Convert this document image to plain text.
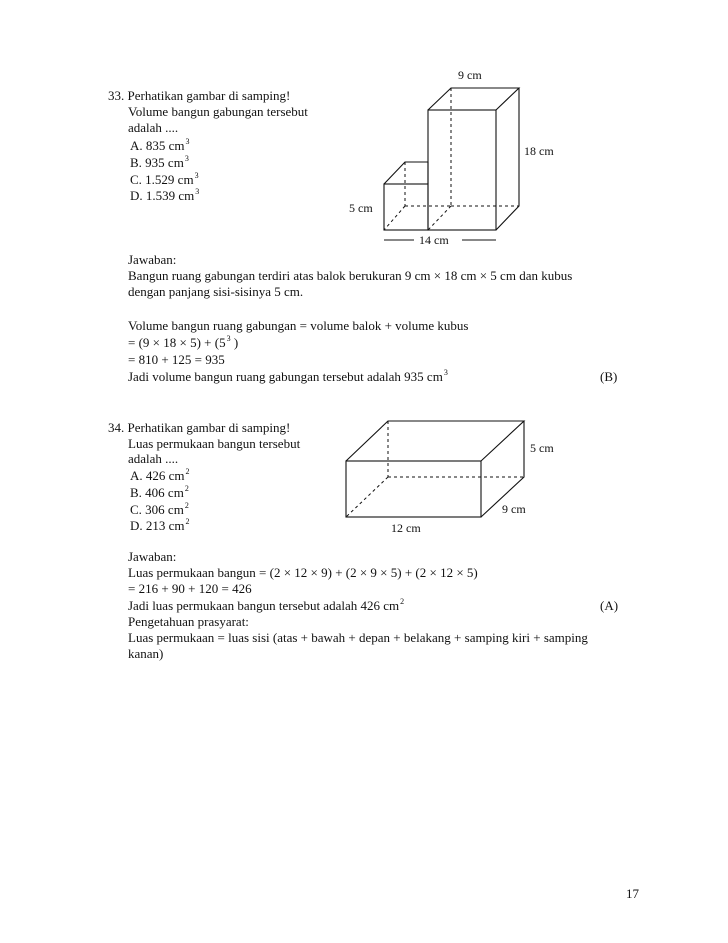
33. Perhatikan gambar di samping!
Volume bangun gabungan tersebut
adalah ....
A. 835 $cm^3$
B. 935 $cm^3$
C. 1.529 $cm^3$
D. 1.539 $cm^3$
9 cm
18 cm
5 cm
14 cm
5 cm
9 cm
12 cm
Jawaban:
Bangun ruang gabungan terdiri atas balok berukuran 9 cm × 18 cm × 5 cm dan kubus
dengan panjang sisi-sisinya 5 cm.
Volume bangun ruang gabungan = volume balok + volume kubus
= $(9 \times 18 \times 5) + (5^3$ )
= 810 + 125 = 935
Jadi volume bangun ruang gabungan tersebut adalah 935 $cm^3$	(B)
34. Perhatikan gambar di samping!
Luas permukaan bangun tersebut
adalah ....
A. 426 $cm^2$
B. 406 $cm^2$
C. 306 $cm^2$
D. 213 $cm^2$
Jawaban:
Luas permukaan bangun = (2 × 12 × 9) + (2 × 9 × 5) + (2 × 12 × 5)
= 216 + 90 + 120 = 426
Jadi luas permukaan bangun tersebut adalah 426 $cm^2$	(A)
Pengetahuan prasyarat:
Luas permukaan = luas sisi (atas + bawah + depan + belakang + samping kiri + samping
kanan)
17
